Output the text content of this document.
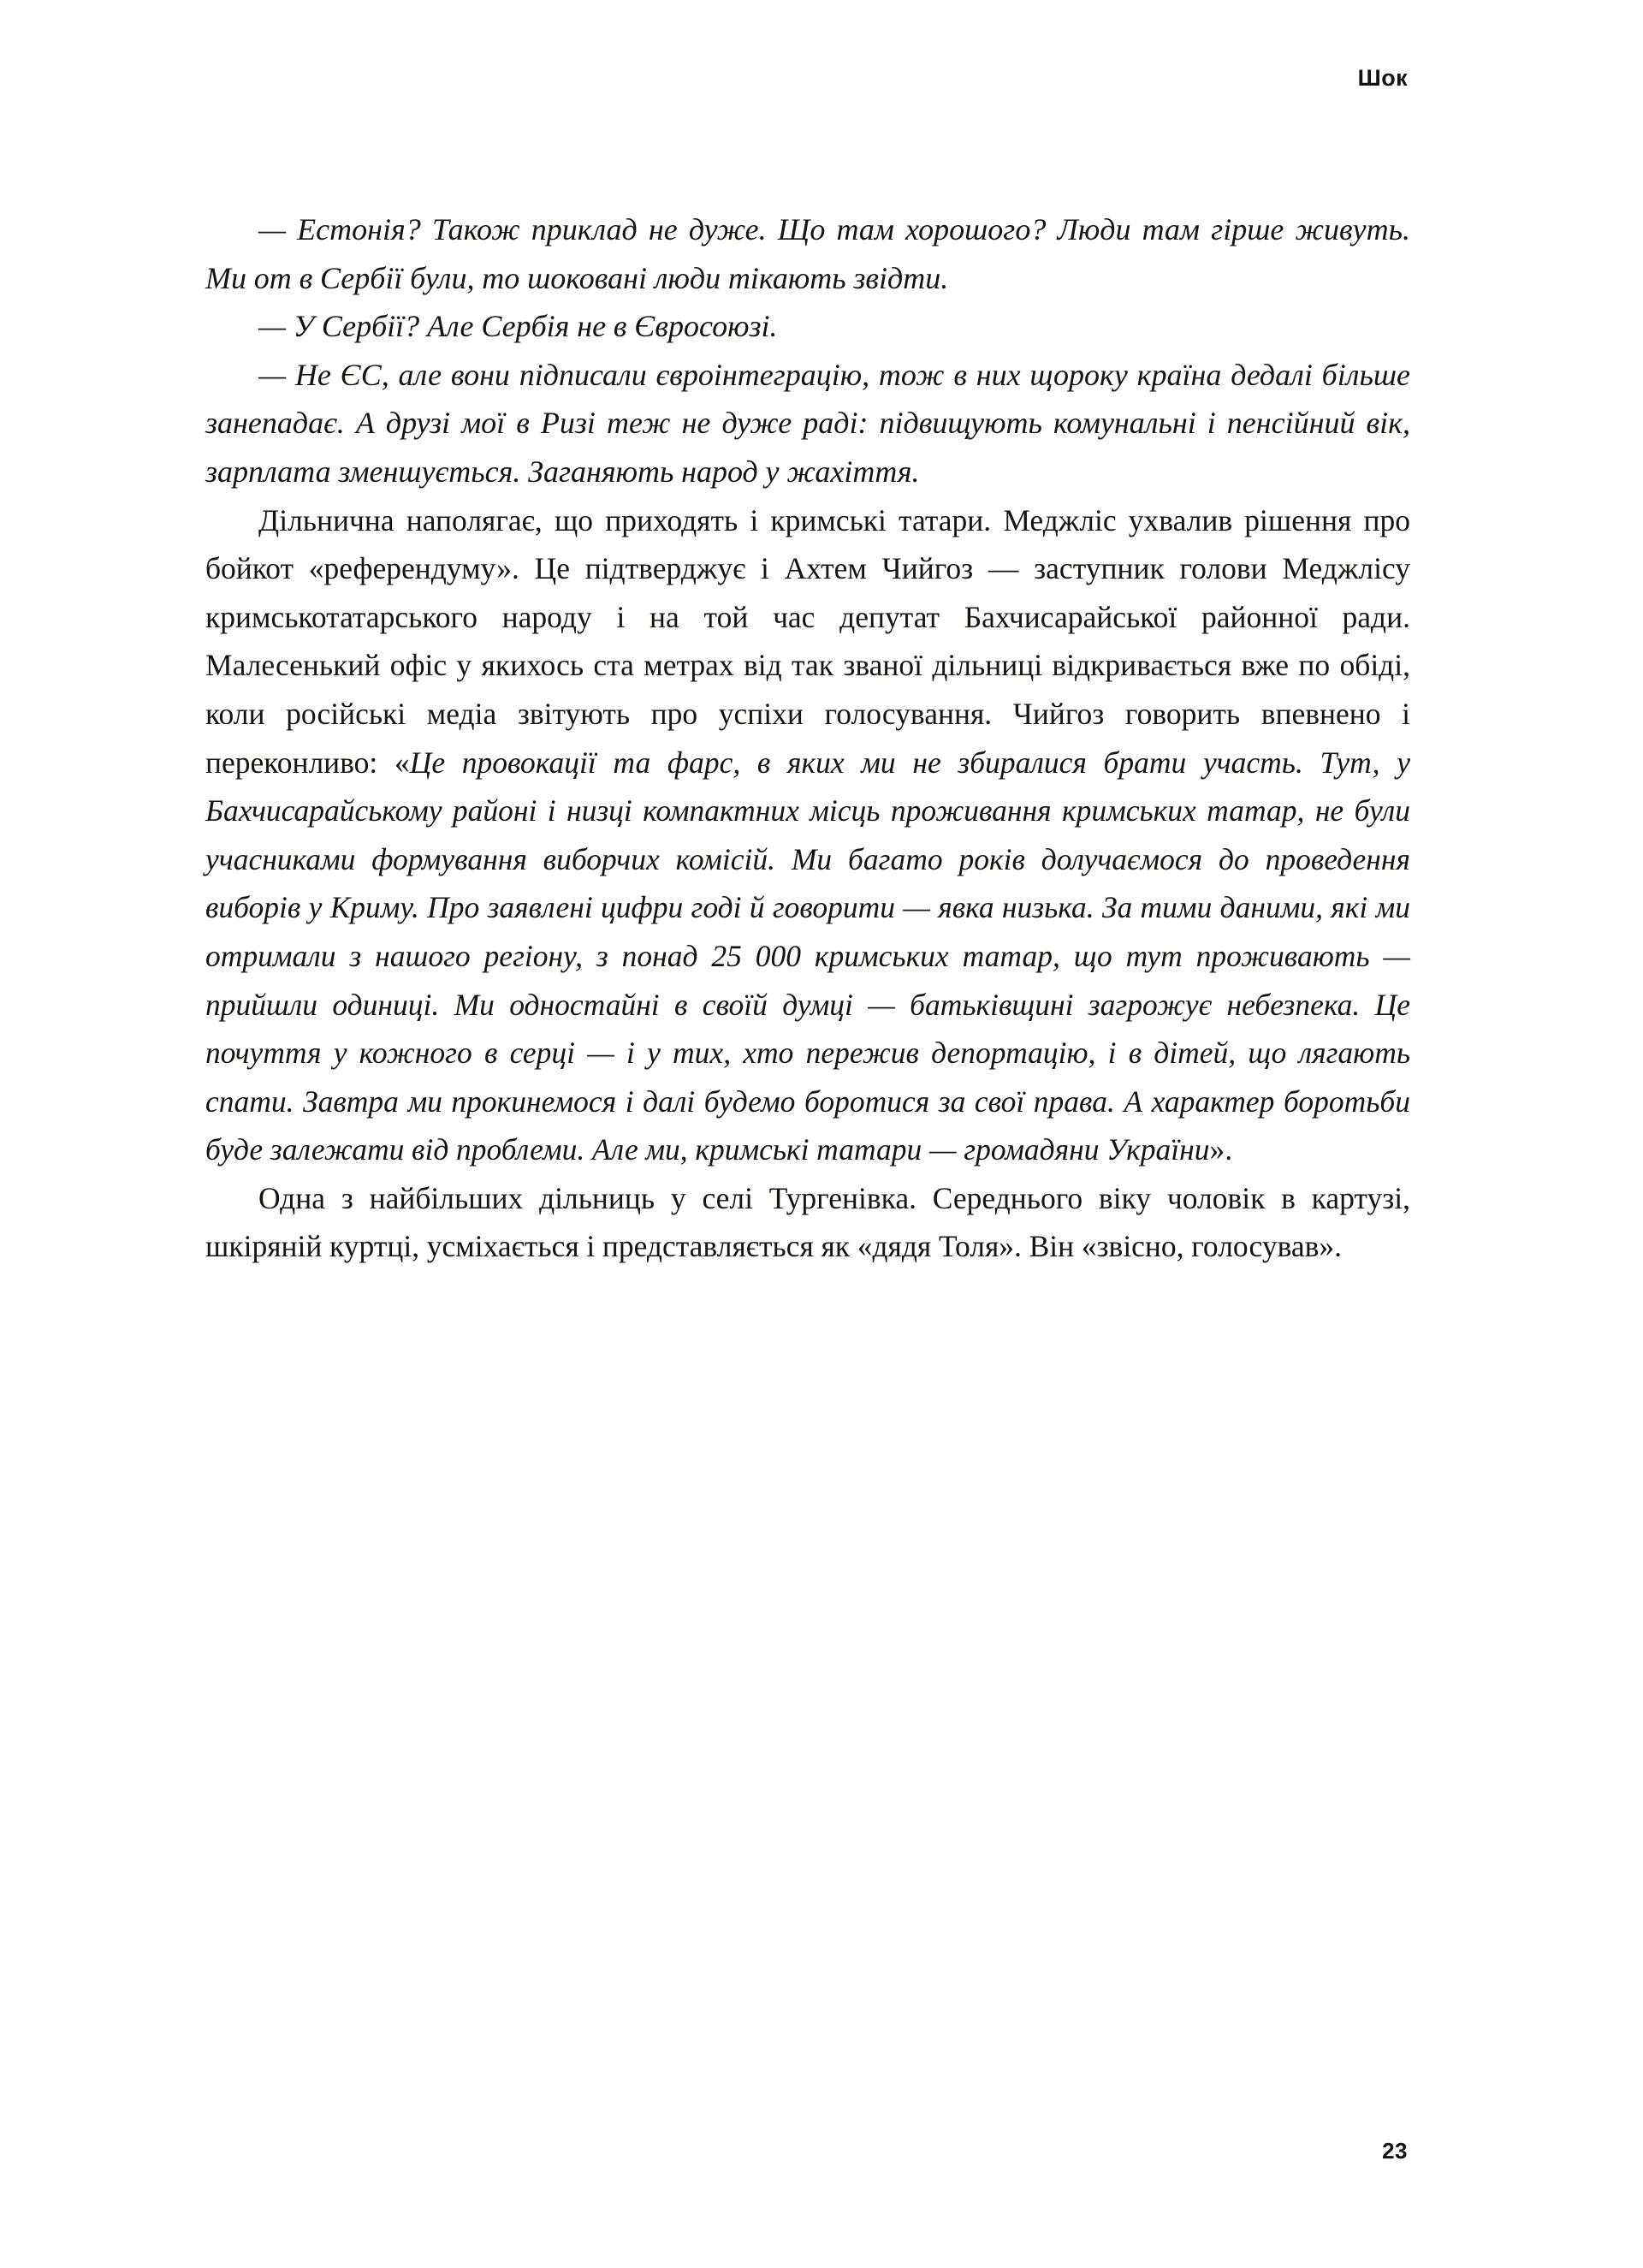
Шок

— Естонія? Також приклад не дуже. Що там хорошого? Люди там гірше живуть. Ми от в Сербії були, то шоковані люди тікають звідти.

— У Сербії? Але Сербія не в Євросоюзі.

— Не ЄС, але вони підписали євроінтеграцію, тож в них щороку країна дедалі більше занепадає. А друзі мої в Ризі теж не дуже раді: підвищують комунальні і пенсійний вік, зарплата зменшується. Заганяють народ у жахіття.

Дільнична наполягає, що приходять і кримські татари. Меджліс ухвалив рішення про бойкот «референдуму». Це підтверджує і Ахтем Чийгоз — заступник голови Меджлісу кримськотатарського народу і на той час депутат Бахчисарайської районної ради. Малесенький офіс у якихось ста метрах від так званої дільниці відкривається вже по обіді, коли російські медіа звітують про успіхи голосування. Чийгоз говорить впевнено і переконливо: «Це провокації та фарс, в яких ми не збиралися брати участь. Тут, у Бахчисарайському районі і низці компактних місць проживання кримських татар, не були учасниками формування виборчих комісій. Ми багато років долучаємося до проведення виборів у Криму. Про заявлені цифри годі й говорити — явка низька. За тими даними, які ми отримали з нашого регіону, з понад 25 000 кримських татар, що тут проживають — прийшли одиниці. Ми одностайні в своїй думці — батьківщині загрожує небезпека. Це почуття у кожного в серці — і у тих, хто пережив депортацію, і в дітей, що лягають спати. Завтра ми прокинемося і далі будемо боротися за свої права. А характер боротьби буде залежати від проблеми. Але ми, кримські татари — громадяни України».

Одна з найбільших дільниць у селі Тургенівка. Середнього віку чоловік в картузі, шкіряній куртці, усміхається і представляється як «дядя Толя». Він «звісно, голосував».

23
